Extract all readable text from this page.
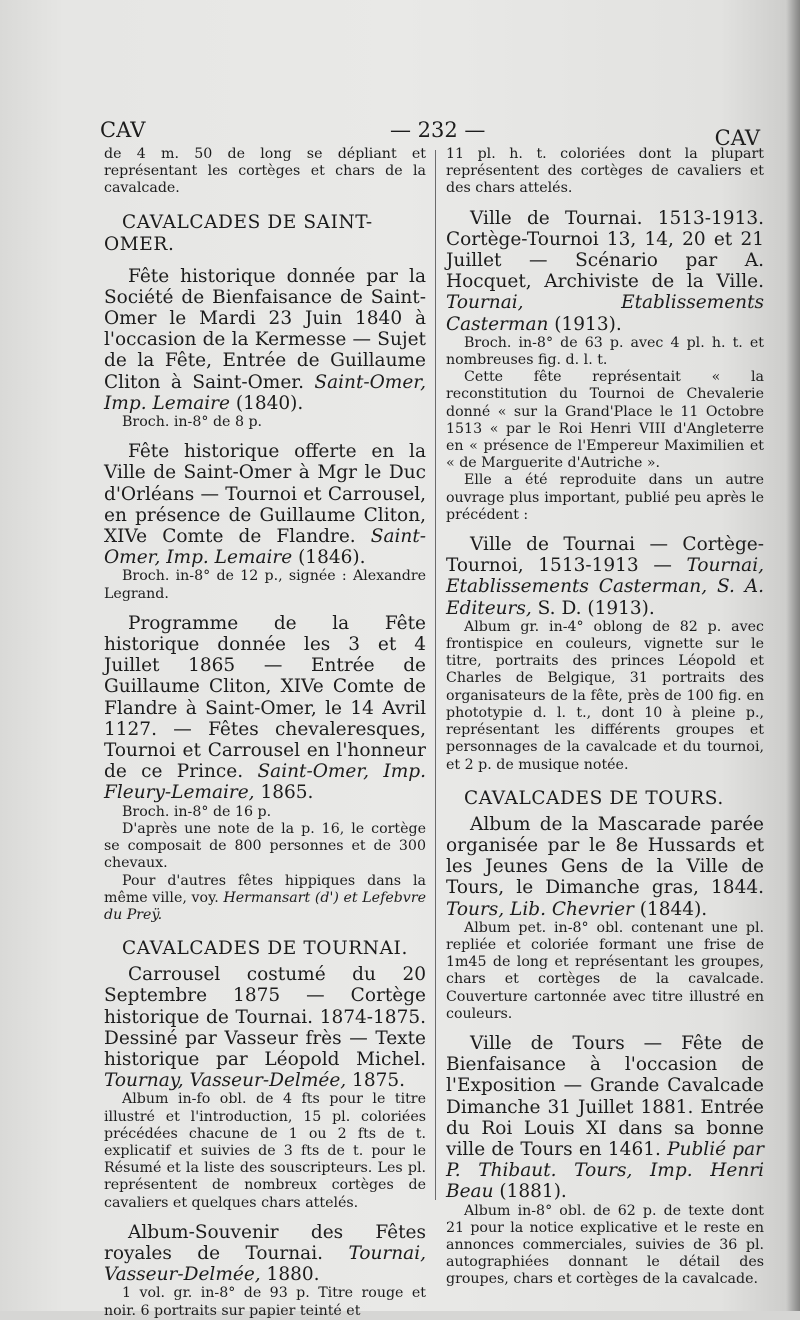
CAV	— 232 —	CAV

de 4 m. 50 de long se dépliant et représentant les cortèges et chars de la cavalcade.

CAVALCADES DE SAINT-OMER.

Fête historique donnée par la Société de Bienfaisance de Saint-Omer le Mardi 23 Juin 1840 à l'occasion de la Kermesse — Sujet de la Fête, Entrée de Guillaume Cliton à Saint-Omer. Saint-Omer, Imp. Lemaire (1840).

Broch. in-8° de 8 p.

Fête historique offerte en la Ville de Saint-Omer à Mgr le Duc d'Orléans — Tournoi et Carrousel, en présence de Guillaume Cliton, XIVe Comte de Flandre. Saint-Omer, Imp. Lemaire (1846).

Broch. in-8° de 12 p., signée : Alexandre Legrand.

Programme de la Fête historique donnée les 3 et 4 Juillet 1865 — Entrée de Guillaume Cliton, XIVe Comte de Flandre à Saint-Omer, le 14 Avril 1127. — Fêtes chevaleresques, Tournoi et Carrousel en l'honneur de ce Prince. Saint-Omer, Imp. Fleury-Lemaire, 1865.

Broch. in-8° de 16 p.

D'après une note de la p. 16, le cortège se composait de 800 personnes et de 300 chevaux.

Pour d'autres fêtes hippiques dans la même ville, voy. Hermansart (d') et Lefebvre du Preÿ.

CAVALCADES DE TOURNAI.

Carrousel costumé du 20 Septembre 1875 — Cortège historique de Tournai. 1874-1875. Dessiné par Vasseur frès — Texte historique par Léopold Michel. Tournay, Vasseur-Delmée, 1875.

Album in-fo obl. de 4 fts pour le titre illustré et l'introduction, 15 pl. coloriées précédées chacune de 1 ou 2 fts de t. explicatif et suivies de 3 fts de t. pour le Résumé et la liste des souscripteurs. Les pl. représentent de nombreux cortèges de cavaliers et quelques chars attelés.

Album-Souvenir des Fêtes royales de Tournai. Tournai, Vasseur-Delmée, 1880.

1 vol. gr. in-8° de 93 p. Titre rouge et noir. 6 portraits sur papier teinté et

11 pl. h. t. coloriées dont la plupart représentent des cortèges de cavaliers et des chars attelés.

Ville de Tournai. 1513-1913. Cortège-Tournoi 13, 14, 20 et 21 Juillet — Scénario par A. Hocquet, Archiviste de la Ville. Tournai, Etablissements Casterman (1913).

Broch. in-8° de 63 p. avec 4 pl. h. t. et nombreuses fig. d. l. t.

Cette fête représentait « la reconstitution du Tournoi de Chevalerie donné « sur la Grand'Place le 11 Octobre 1513 « par le Roi Henri VIII d'Angleterre en « présence de l'Empereur Maximilien et « de Marguerite d'Autriche ».

Elle a été reproduite dans un autre ouvrage plus important, publié peu après le précédent :

Ville de Tournai — Cortège-Tournoi, 1513-1913 — Tournai, Etablissements Casterman, S. A. Editeurs, S. D. (1913).

Album gr. in-4° oblong de 82 p. avec frontispice en couleurs, vignette sur le titre, portraits des princes Léopold et Charles de Belgique, 31 portraits des organisateurs de la fête, près de 100 fig. en phototypie d. l. t., dont 10 à pleine p., représentant les différents groupes et personnages de la cavalcade et du tournoi, et 2 p. de musique notée.

CAVALCADES DE TOURS.

Album de la Mascarade parée organisée par le 8e Hussards et les Jeunes Gens de la Ville de Tours, le Dimanche gras, 1844. Tours, Lib. Chevrier (1844).

Album pet. in-8° obl. contenant une pl. repliée et coloriée formant une frise de 1m45 de long et représentant les groupes, chars et cortèges de la cavalcade. Couverture cartonnée avec titre illustré en couleurs.

Ville de Tours — Fête de Bienfaisance à l'occasion de l'Exposition — Grande Cavalcade Dimanche 31 Juillet 1881. Entrée du Roi Louis XI dans sa bonne ville de Tours en 1461. Publié par P. Thibaut. Tours, Imp. Henri Beau (1881).

Album in-8° obl. de 62 p. de texte dont 21 pour la notice explicative et le reste en annonces commerciales, suivies de 36 pl. autographiées donnant le détail des groupes, chars et cortèges de la cavalcade.
